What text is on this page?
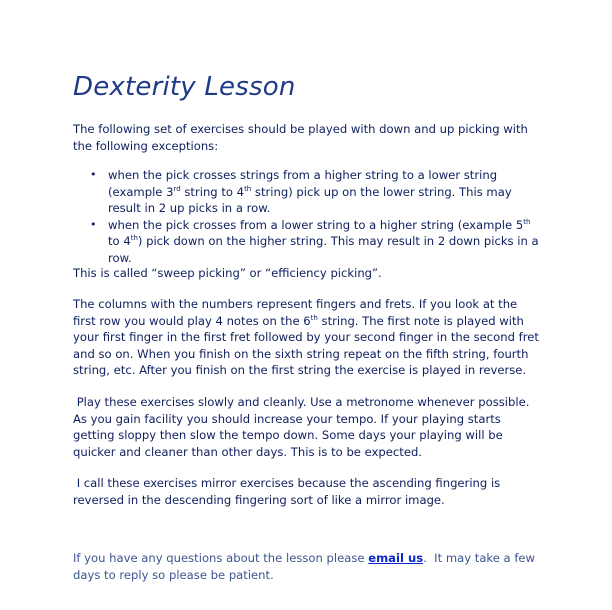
Dexterity Lesson

The following set of exercises should be played with down and up picking with the following exceptions:

• when the pick crosses strings from a higher string to a lower string (example 3rd string to 4th string) pick up on the lower string. This may result in 2 up picks in a row.
• when the pick crosses from a lower string to a higher string (example 5th to 4th) pick down on the higher string. This may result in 2 down picks in a row.

This is called “sweep picking” or “efficiency picking”.

The columns with the numbers represent fingers and frets. If you look at the first row you would play 4 notes on the 6th string. The first note is played with your first finger in the first fret followed by your second finger in the second fret and so on. When you finish on the sixth string repeat on the fifth string, fourth string, etc. After you finish on the first string the exercise is played in reverse.

Play these exercises slowly and cleanly. Use a metronome whenever possible. As you gain facility you should increase your tempo. If your playing starts getting sloppy then slow the tempo down. Some days your playing will be quicker and cleaner than other days. This is to be expected.

I call these exercises mirror exercises because the ascending fingering is reversed in the descending fingering sort of like a mirror image.

If you have any questions about the lesson please email us.  It may take a few days to reply so please be patient.
